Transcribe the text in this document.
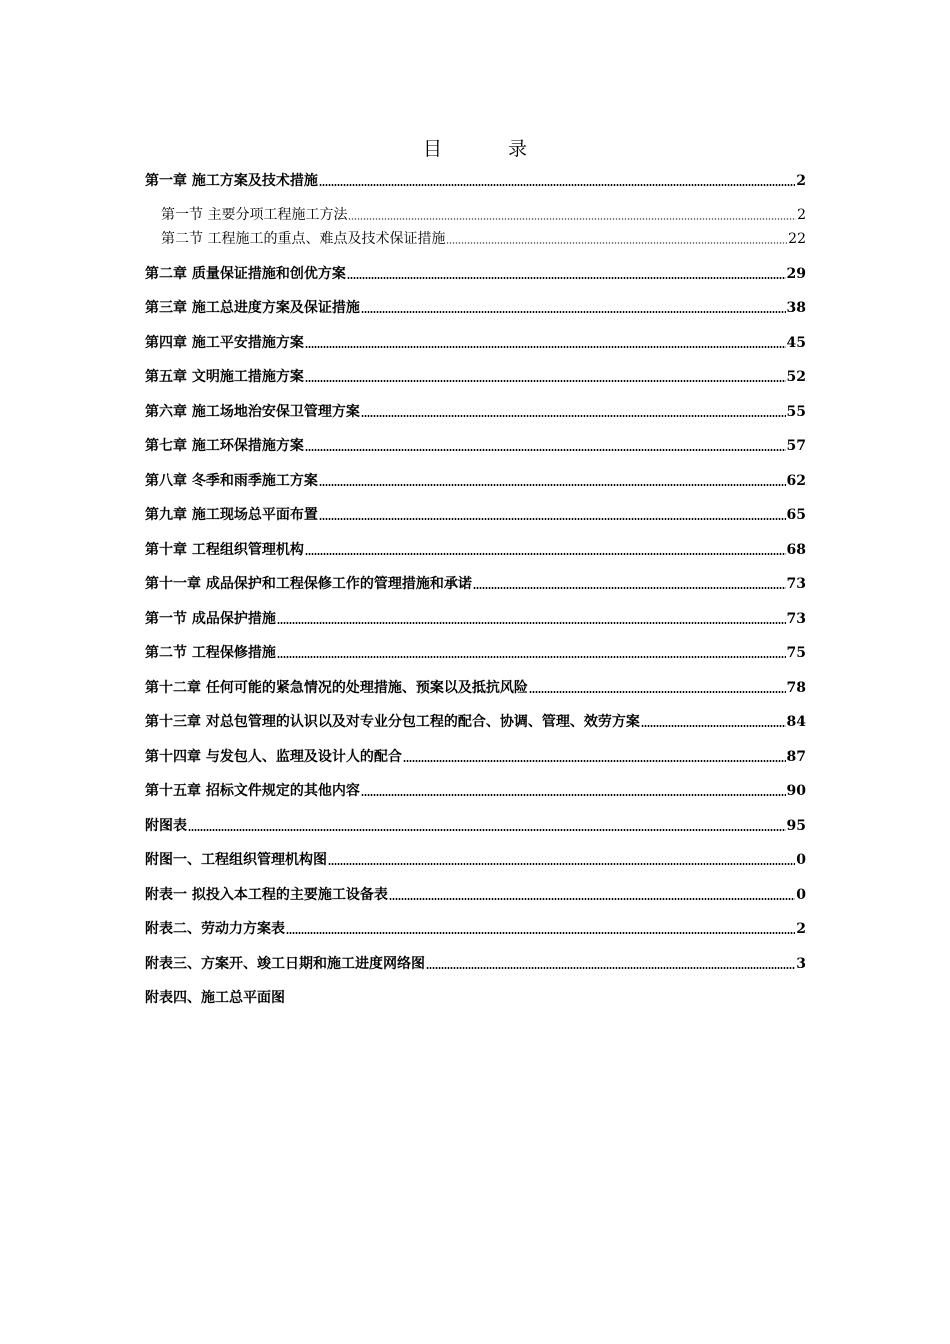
目 录
第一章 施工方案及技术措施	2
第一节 主要分项工程施工方法	2
第二节 工程施工的重点、难点及技术保证措施	22
第二章 质量保证措施和创优方案	29
第三章 施工总进度方案及保证措施	38
第四章 施工平安措施方案	45
第五章 文明施工措施方案	52
第六章 施工场地治安保卫管理方案	55
第七章 施工环保措施方案	57
第八章 冬季和雨季施工方案	62
第九章 施工现场总平面布置	65
第十章 工程组织管理机构	68
第十一章 成品保护和工程保修工作的管理措施和承诺	73
第一节 成品保护措施	73
第二节 工程保修措施	75
第十二章 任何可能的紧急情况的处理措施、预案以及抵抗风险	78
第十三章 对总包管理的认识以及对专业分包工程的配合、协调、管理、效劳方案	84
第十四章 与发包人、监理及设计人的配合	87
第十五章 招标文件规定的其他内容	90
附图表	95
附图一、工程组织管理机构图	0
附表一 拟投入本工程的主要施工设备表	0
附表二、劳动力方案表	2
附表三、方案开、竣工日期和施工进度网络图	3
附表四、施工总平面图
